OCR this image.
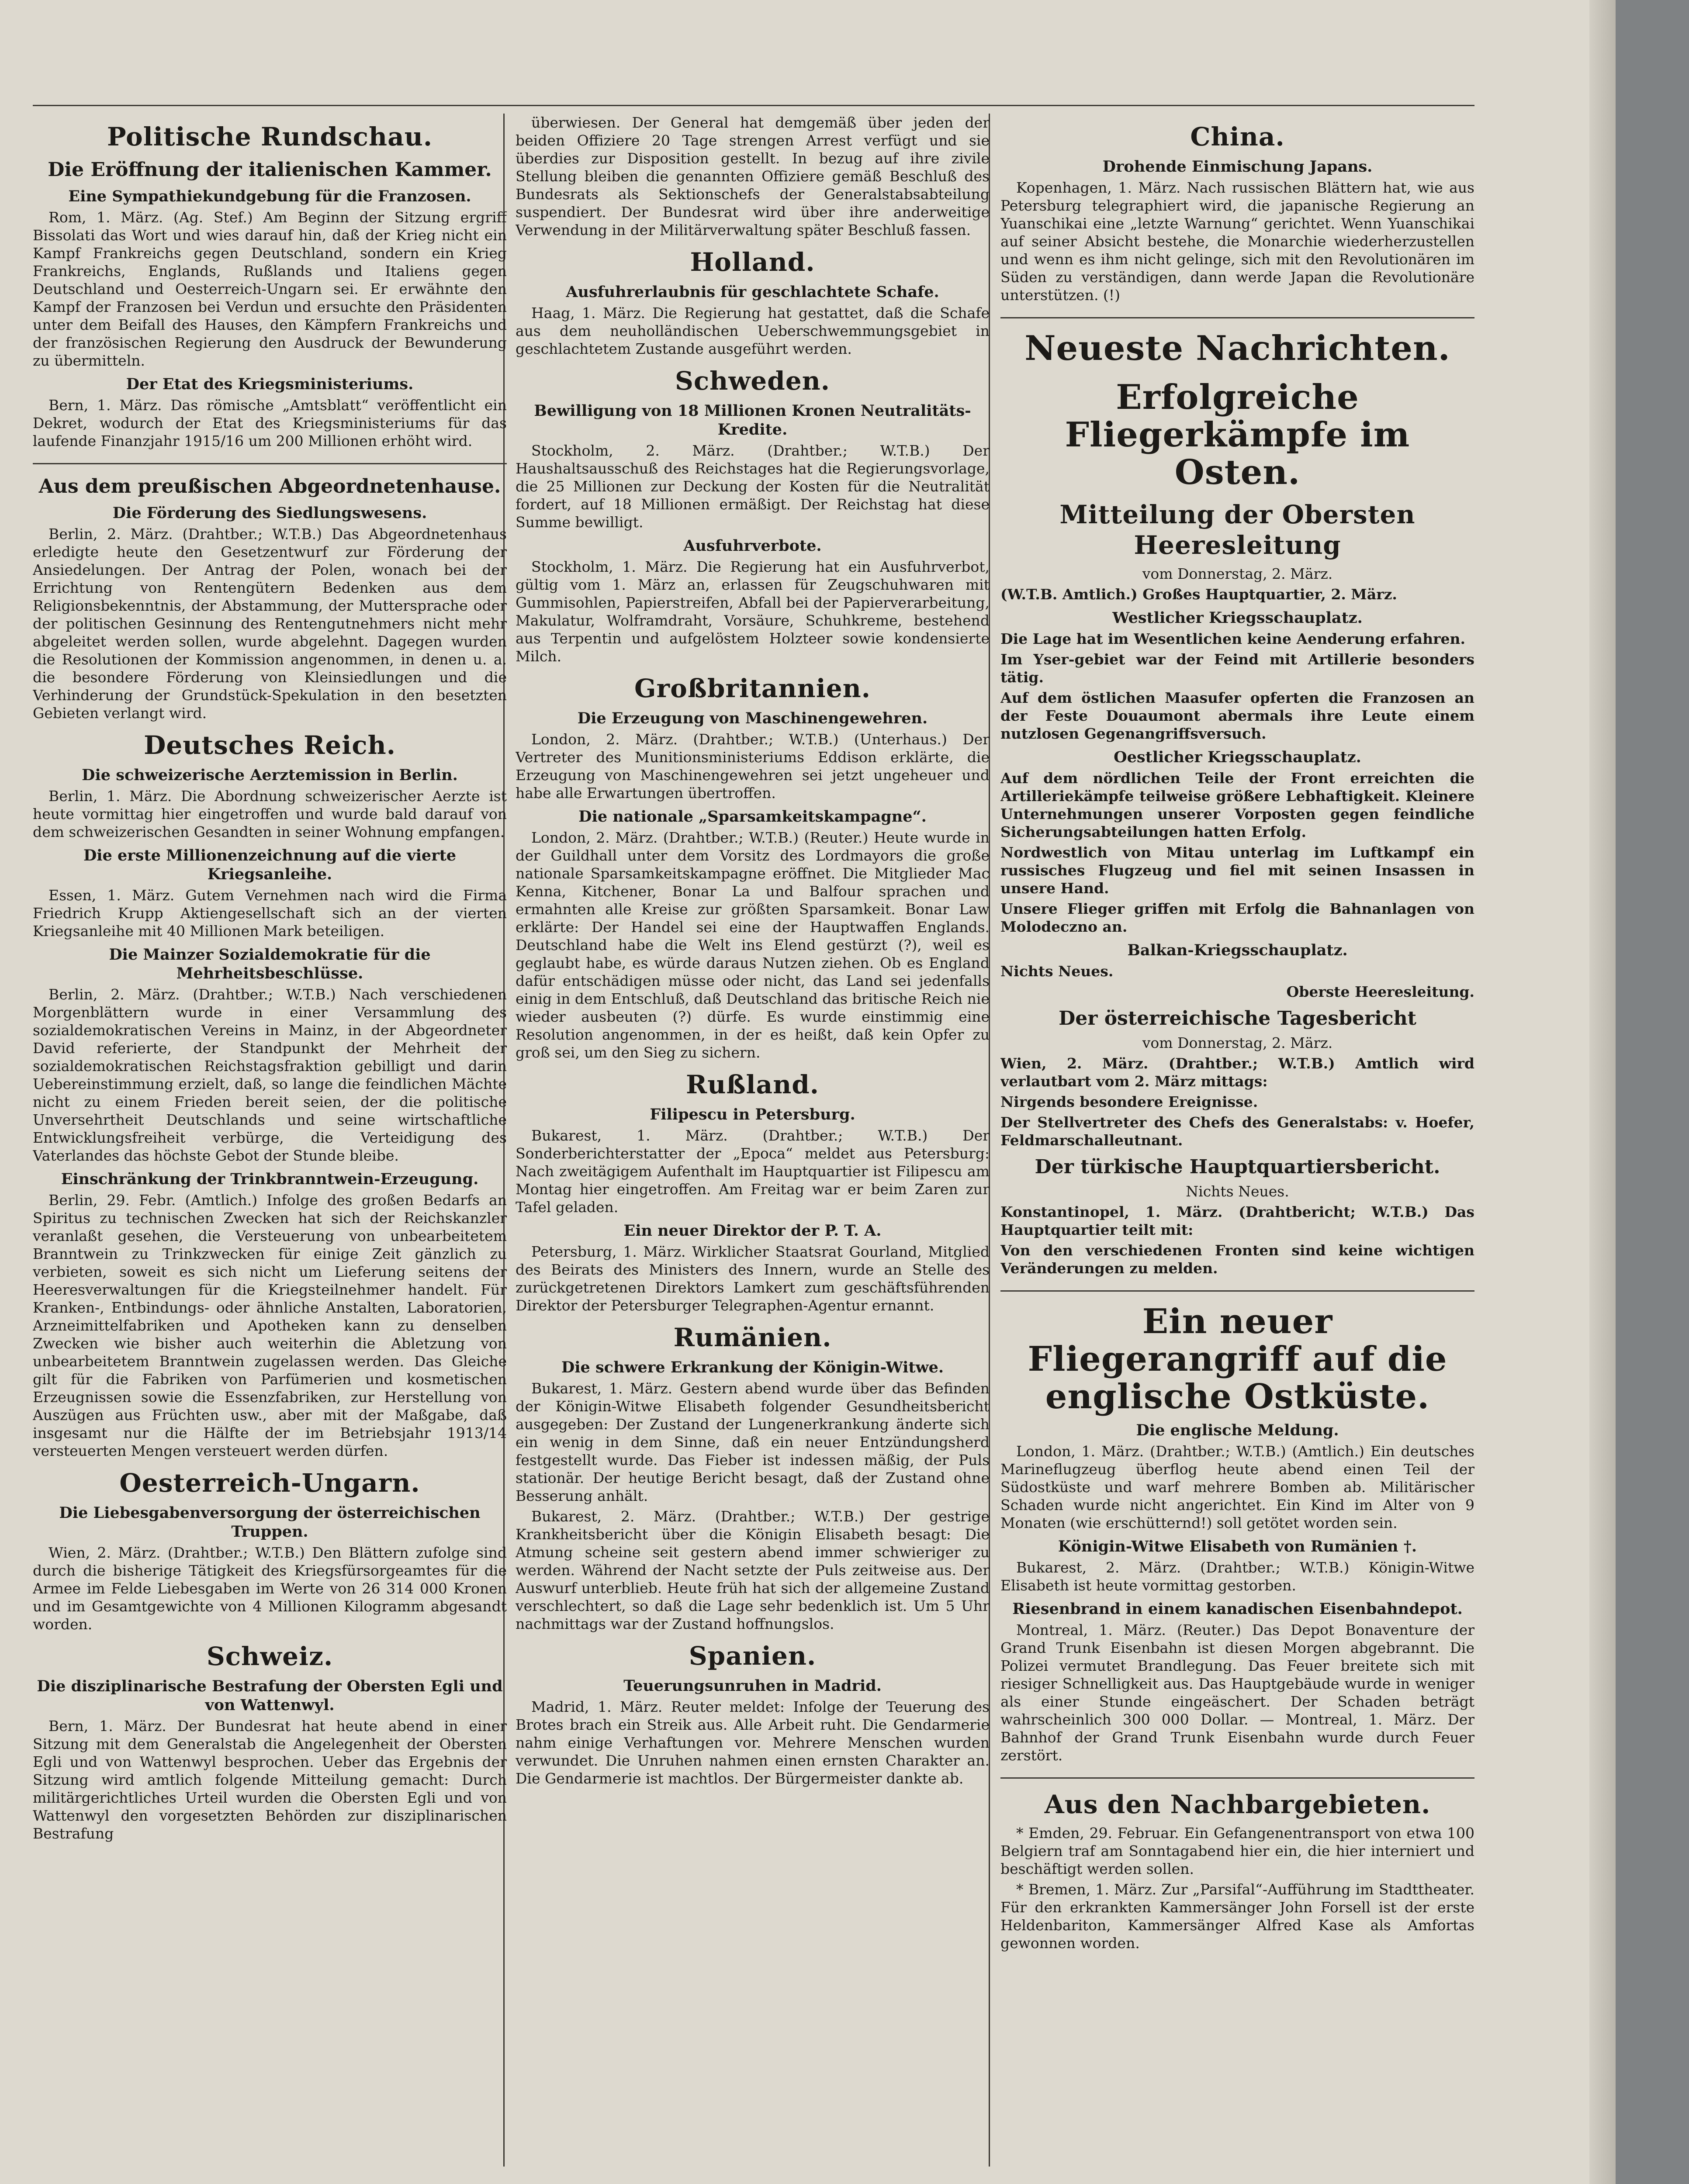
Politische Rundschau.
Die Eröffnung der italienischen Kammer.
Eine Sympathiekundgebung für die Franzosen.

Rom, 1. März. (Ag. Stef.) Am Beginn der Sitzung ergriff Bissolati das Wort und wies darauf hin, daß der Krieg nicht ein Kampf Frankreichs gegen Deutschland, sondern ein Krieg Frankreichs, Englands, Rußlands und Italiens gegen Deutschland und Oesterreich-Ungarn sei. Er erwähnte den Kampf der Franzosen bei Verdun und ersuchte den Präsidenten unter dem Beifall des Hauses, den Kämpfern Frankreichs und der französischen Regierung den Ausdruck der Bewunderung zu übermitteln.

Der Etat des Kriegsministeriums.

Bern, 1. März. Das römische „Amtsblatt“ veröffentlicht ein Dekret, wodurch der Etat des Kriegsministeriums für das laufende Finanzjahr 1915/16 um 200 Millionen erhöht wird.

Aus dem preußischen Abgeordnetenhause.
Die Förderung des Siedlungswesens.

Berlin, 2. März. (Drahtber.; W.T.B.) Das Abgeordnetenhaus erledigte heute den Gesetzentwurf zur Förderung der Ansiedelungen. Der Antrag der Polen, wonach bei der Errichtung von Rentengütern Bedenken aus dem Religionsbekenntnis, der Abstammung, der Muttersprache oder der politischen Gesinnung des Rentengutnehmers nicht mehr abgeleitet werden sollen, wurde abgelehnt. Dagegen wurden die Resolutionen der Kommission angenommen, in denen u. a. die besondere Förderung von Kleinsiedlungen und die Verhinderung der Grundstück-Spekulation in den besetzten Gebieten verlangt wird.

Deutsches Reich.
Die schweizerische Aerztemission in Berlin.

Berlin, 1. März. Die Abordnung schweizerischer Aerzte ist heute vormittag hier eingetroffen und wurde bald darauf von dem schweizerischen Gesandten in seiner Wohnung empfangen.

Die erste Millionenzeichnung auf die vierte Kriegsanleihe.

Essen, 1. März. Gutem Vernehmen nach wird die Firma Friedrich Krupp Aktiengesellschaft sich an der vierten Kriegsanleihe mit 40 Millionen Mark beteiligen.

Die Mainzer Sozialdemokratie für die Mehrheitsbeschlüsse.

Berlin, 2. März. (Drahtber.; W.T.B.) Nach verschiedenen Morgenblättern wurde in einer Versammlung des sozialdemokratischen Vereins in Mainz, in der Abgeordneter David referierte, der Standpunkt der Mehrheit der sozialdemokratischen Reichstagsfraktion gebilligt und darin Uebereinstimmung erzielt, daß, so lange die feindlichen Mächte nicht zu einem Frieden bereit seien, der die politische Unversehrtheit Deutschlands und seine wirtschaftliche Entwicklungsfreiheit verbürge, die Verteidigung des Vaterlandes das höchste Gebot der Stunde bleibe.

Einschränkung der Trinkbranntwein-Erzeugung.

Berlin, 29. Febr. (Amtlich.) Infolge des großen Bedarfs an Spiritus zu technischen Zwecken hat sich der Reichskanzler veranlaßt gesehen, die Versteuerung von unbearbeitetem Branntwein zu Trinkzwecken für einige Zeit gänzlich zu verbieten, soweit es sich nicht um Lieferung seitens der Heeresverwaltungen für die Kriegsteilnehmer handelt. Für Kranken-, Entbindungs- oder ähnliche Anstalten, Laboratorien, Arzneimittelfabriken und Apotheken kann zu denselben Zwecken wie bisher auch weiterhin die Abletzung von unbearbeitetem Branntwein zugelassen werden. Das Gleiche gilt für die Fabriken von Parfümerien und kosmetischen Erzeugnissen sowie die Essenzfabriken, zur Herstellung von Auszügen aus Früchten usw., aber mit der Maßgabe, daß insgesamt nur die Hälfte der im Betriebsjahr 1913/14 versteuerten Mengen versteuert werden dürfen.

Oesterreich-Ungarn.
Die Liebesgabenversorgung der österreichischen Truppen.

Wien, 2. März. (Drahtber.; W.T.B.) Den Blättern zufolge sind durch die bisherige Tätigkeit des Kriegsfürsorgeamtes für die Armee im Felde Liebesgaben im Werte von 26 314 000 Kronen und im Gesamtgewichte von 4 Millionen Kilogramm abgesandt worden.

Schweiz.
Die disziplinarische Bestrafung der Obersten Egli und von Wattenwyl.

Bern, 1. März. Der Bundesrat hat heute abend in einer Sitzung mit dem Generalstab die Angelegenheit der Obersten Egli und von Wattenwyl besprochen. Ueber das Ergebnis der Sitzung wird amtlich folgende Mitteilung gemacht: Durch militärgerichtliches Urteil wurden die Obersten Egli und von Wattenwyl den vorgesetzten Behörden zur disziplinarischen Bestrafung

überwiesen. Der General hat demgemäß über jeden der beiden Offiziere 20 Tage strengen Arrest verfügt und sie überdies zur Disposition gestellt. In bezug auf ihre zivile Stellung bleiben die genannten Offiziere gemäß Beschluß des Bundesrats als Sektionschefs der Generalstabsabteilung suspendiert. Der Bundesrat wird über ihre anderweitige Verwendung in der Militärverwaltung später Beschluß fassen.

Holland.
Ausfuhrerlaubnis für geschlachtete Schafe.

Haag, 1. März. Die Regierung hat gestattet, daß die Schafe aus dem neuholländischen Ueberschwemmungsgebiet in geschlachtetem Zustande ausgeführt werden.

Schweden.
Bewilligung von 18 Millionen Kronen Neutralitäts-Kredite.

Stockholm, 2. März. (Drahtber.; W.T.B.) Der Haushaltsausschuß des Reichstages hat die Regierungsvorlage, die 25 Millionen zur Deckung der Kosten für die Neutralität fordert, auf 18 Millionen ermäßigt. Der Reichstag hat diese Summe bewilligt.

Ausfuhrverbote.

Stockholm, 1. März. Die Regierung hat ein Ausfuhrverbot, gültig vom 1. März an, erlassen für Zeugschuhwaren mit Gummisohlen, Papierstreifen, Abfall bei der Papierverarbeitung, Makulatur, Wolframdraht, Vorsäure, Schuhkreme, bestehend aus Terpentin und aufgelöstem Holzteer sowie kondensierte Milch.

Großbritannien.
Die Erzeugung von Maschinengewehren.

London, 2. März. (Drahtber.; W.T.B.) (Unterhaus.) Der Vertreter des Munitionsministeriums Eddison erklärte, die Erzeugung von Maschinengewehren sei jetzt ungeheuer und habe alle Erwartungen übertroffen.

Die nationale „Sparsamkeitskampagne“.

London, 2. März. (Drahtber.; W.T.B.) (Reuter.) Heute wurde in der Guildhall unter dem Vorsitz des Lordmayors die große nationale Sparsamkeitskampagne eröffnet. Die Mitglieder Mac Kenna, Kitchener, Bonar La und Balfour sprachen und ermahnten alle Kreise zur größten Sparsamkeit. Bonar Law erklärte: Der Handel sei eine der Hauptwaffen Englands. Deutschland habe die Welt ins Elend gestürzt (?), weil es geglaubt habe, es würde daraus Nutzen ziehen. Ob es England dafür entschädigen müsse oder nicht, das Land sei jedenfalls einig in dem Entschluß, daß Deutschland das britische Reich nie wieder ausbeuten (?) dürfe. Es wurde einstimmig eine Resolution angenommen, in der es heißt, daß kein Opfer zu groß sei, um den Sieg zu sichern.

Rußland.
Filipescu in Petersburg.

Bukarest, 1. März. (Drahtber.; W.T.B.) Der Sonderberichterstatter der „Epoca“ meldet aus Petersburg: Nach zweitägigem Aufenthalt im Hauptquartier ist Filipescu am Montag hier eingetroffen. Am Freitag war er beim Zaren zur Tafel geladen.

Ein neuer Direktor der P. T. A.

Petersburg, 1. März. Wirklicher Staatsrat Gourland, Mitglied des Beirats des Ministers des Innern, wurde an Stelle des zurückgetretenen Direktors Lamkert zum geschäftsführenden Direktor der Petersburger Telegraphen-Agentur ernannt.

Rumänien.
Die schwere Erkrankung der Königin-Witwe.

Bukarest, 1. März. Gestern abend wurde über das Befinden der Königin-Witwe Elisabeth folgender Gesundheitsbericht ausgegeben: Der Zustand der Lungenerkrankung änderte sich ein wenig in dem Sinne, daß ein neuer Entzündungsherd festgestellt wurde. Das Fieber ist indessen mäßig, der Puls stationär. Der heutige Bericht besagt, daß der Zustand ohne Besserung anhält.

Bukarest, 2. März. (Drahtber.; W.T.B.) Der gestrige Krankheitsbericht über die Königin Elisabeth besagt: Die Atmung scheine seit gestern abend immer schwieriger zu werden. Während der Nacht setzte der Puls zeitweise aus. Der Auswurf unterblieb. Heute früh hat sich der allgemeine Zustand verschlechtert, so daß die Lage sehr bedenklich ist. Um 5 Uhr nachmittags war der Zustand hoffnungslos.

Spanien.
Teuerungsunruhen in Madrid.

Madrid, 1. März. Reuter meldet: Infolge der Teuerung des Brotes brach ein Streik aus. Alle Arbeit ruht. Die Gendarmerie nahm einige Verhaftungen vor. Mehrere Menschen wurden verwundet. Die Unruhen nahmen einen ernsten Charakter an. Die Gendarmerie ist machtlos. Der Bürgermeister dankte ab.

China.
Drohende Einmischung Japans.

Kopenhagen, 1. März. Nach russischen Blättern hat, wie aus Petersburg telegraphiert wird, die japanische Regierung an Yuanschikai eine „letzte Warnung“ gerichtet. Wenn Yuanschikai auf seiner Absicht bestehe, die Monarchie wiederherzustellen und wenn es ihm nicht gelinge, sich mit den Revolutionären im Süden zu verständigen, dann werde Japan die Revolutionäre unterstützen. (!)

Neueste Nachrichten.
Erfolgreiche Fliegerkämpfe im Osten.
Mitteilung der Obersten Heeresleitung
vom Donnerstag, 2. März.

(W.T.B. Amtlich.) Großes Hauptquartier, 2. März.

Westlicher Kriegsschauplatz.

Die Lage hat im Wesentlichen keine Aenderung erfahren.

Im Yser-gebiet war der Feind mit Artillerie besonders tätig.

Auf dem östlichen Maasufer opferten die Franzosen an der Feste Douaumont abermals ihre Leute einem nutzlosen Gegenangriffsversuch.

Oestlicher Kriegsschauplatz.

Auf dem nördlichen Teile der Front erreichten die Artilleriekämpfe teilweise größere Lebhaftigkeit. Kleinere Unternehmungen unserer Vorposten gegen feindliche Sicherungsabteilungen hatten Erfolg.

Nordwestlich von Mitau unterlag im Luftkampf ein russisches Flugzeug und fiel mit seinen Insassen in unsere Hand.

Unsere Flieger griffen mit Erfolg die Bahnanlagen von Molodeczno an.

Balkan-Kriegsschauplatz.

Nichts Neues.

Oberste Heeresleitung.
Der österreichische Tagesbericht
vom Donnerstag, 2. März.

Wien, 2. März. (Drahtber.; W.T.B.) Amtlich wird verlautbart vom 2. März mittags:

Nirgends besondere Ereignisse.

Der Stellvertreter des Chefs des Generalstabs: v. Hoefer, Feldmarschalleutnant.

Der türkische Hauptquartiersbericht.
Nichts Neues.

Konstantinopel, 1. März. (Drahtbericht; W.T.B.) Das Hauptquartier teilt mit:

Von den verschiedenen Fronten sind keine wichtigen Veränderungen zu melden.

Ein neuer Fliegerangriff auf die englische Ostküste.
Die englische Meldung.

London, 1. März. (Drahtber.; W.T.B.) (Amtlich.) Ein deutsches Marineflugzeug überflog heute abend einen Teil der Südostküste und warf mehrere Bomben ab. Militärischer Schaden wurde nicht angerichtet. Ein Kind im Alter von 9 Monaten (wie erschütternd!) soll getötet worden sein.

Königin-Witwe Elisabeth von Rumänien †.

Bukarest, 2. März. (Drahtber.; W.T.B.) Königin-Witwe Elisabeth ist heute vormittag gestorben.

Riesenbrand in einem kanadischen Eisenbahndepot.

Montreal, 1. März. (Reuter.) Das Depot Bonaventure der Grand Trunk Eisenbahn ist diesen Morgen abgebrannt. Die Polizei vermutet Brandlegung. Das Feuer breitete sich mit riesiger Schnelligkeit aus. Das Hauptgebäude wurde in weniger als einer Stunde eingeäschert. Der Schaden beträgt wahrscheinlich 300 000 Dollar. — Montreal, 1. März. Der Bahnhof der Grand Trunk Eisenbahn wurde durch Feuer zerstört.

Aus den Nachbargebieten.

* Emden, 29. Februar. Ein Gefangenentransport von etwa 100 Belgiern traf am Sonntagabend hier ein, die hier interniert und beschäftigt werden sollen.

* Bremen, 1. März. Zur „Parsifal“-Aufführung im Stadttheater. Für den erkrankten Kammersänger John Forsell ist der erste Heldenbariton, Kammersänger Alfred Kase als Amfortas gewonnen worden.
